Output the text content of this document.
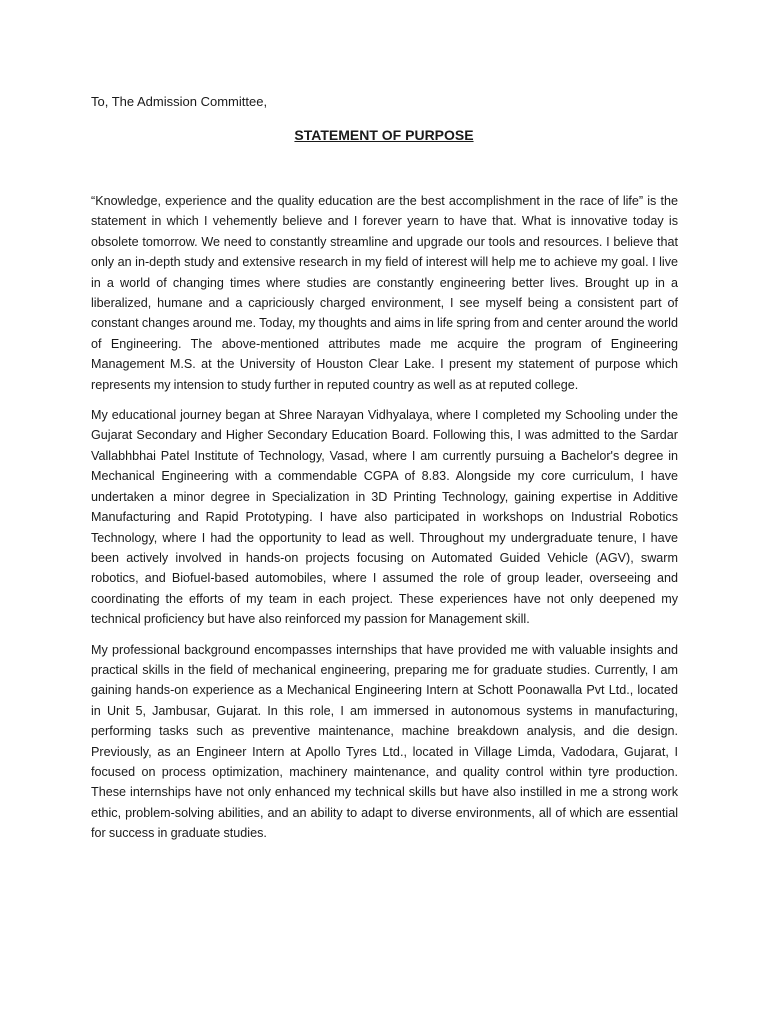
To, The Admission Committee,

STATEMENT OF PURPOSE

“Knowledge, experience and the quality education are the best accomplishment in the race of life” is the statement in which I vehemently believe and I forever yearn to have that. What is innovative today is obsolete tomorrow. We need to constantly streamline and upgrade our tools and resources. I believe that only an in-depth study and extensive research in my field of interest will help me to achieve my goal. I live in a world of changing times where studies are constantly engineering better lives. Brought up in a liberalized, humane and a capriciously charged environment, I see myself being a consistent part of constant changes around me. Today, my thoughts and aims in life spring from and center around the world of Engineering. The above-mentioned attributes made me acquire the program of Engineering Management M.S. at the University of Houston Clear Lake. I present my statement of purpose which represents my intension to study further in reputed country as well as at reputed college.

My educational journey began at Shree Narayan Vidhyalaya, where I completed my Schooling under the Gujarat Secondary and Higher Secondary Education Board. Following this, I was admitted to the Sardar Vallabhbhai Patel Institute of Technology, Vasad, where I am currently pursuing a Bachelor's degree in Mechanical Engineering with a commendable CGPA of 8.83. Alongside my core curriculum, I have undertaken a minor degree in Specialization in 3D Printing Technology, gaining expertise in Additive Manufacturing and Rapid Prototyping. I have also participated in workshops on Industrial Robotics Technology, where I had the opportunity to lead as well. Throughout my undergraduate tenure, I have been actively involved in hands-on projects focusing on Automated Guided Vehicle (AGV), swarm robotics, and Biofuel-based automobiles, where I assumed the role of group leader, overseeing and coordinating the efforts of my team in each project. These experiences have not only deepened my technical proficiency but have also reinforced my passion for Management skill.

My professional background encompasses internships that have provided me with valuable insights and practical skills in the field of mechanical engineering, preparing me for graduate studies. Currently, I am gaining hands-on experience as a Mechanical Engineering Intern at Schott Poonawalla Pvt Ltd., located in Unit 5, Jambusar, Gujarat. In this role, I am immersed in autonomous systems in manufacturing, performing tasks such as preventive maintenance, machine breakdown analysis, and die design. Previously, as an Engineer Intern at Apollo Tyres Ltd., located in Village Limda, Vadodara, Gujarat, I focused on process optimization, machinery maintenance, and quality control within tyre production. These internships have not only enhanced my technical skills but have also instilled in me a strong work ethic, problem-solving abilities, and an ability to adapt to diverse environments, all of which are essential for success in graduate studies.
